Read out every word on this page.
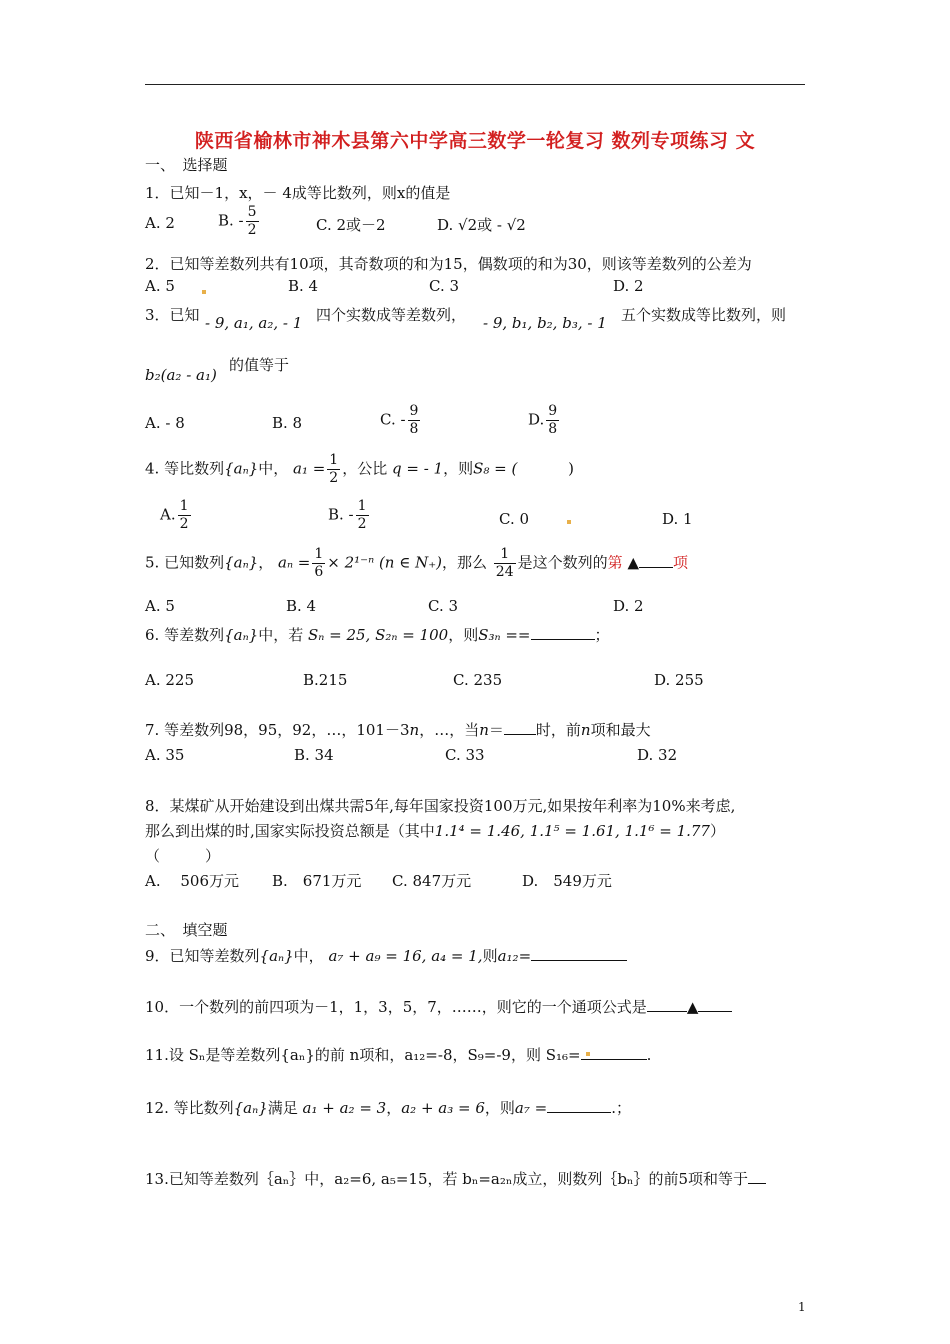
陕西省榆林市神木县第六中学高三数学一轮复习 数列专项练习 文
一、　选择题
1．已知－1，x，－ 4成等比数列，则x的值是
A. 2	B. - $\frac{5}{2}$	C. 2或－2	D. √2或 - √2
2．已知等差数列共有10项，其奇数项的和为15，偶数项的和为30，则该等差数列的公差为
A. 5	B. 4	C. 3	D. 2
3．已知 - 9, a₁, a₂, - 1 四个实数成等差数列， - 9, b₁, b₂, b₃, - 1 五个实数成等比数列，则
b₂(a₂ - a₁)
的值等于
A. - 8	B. 8	C. - $\frac{9}{8}$	D. $\frac{9}{8}$
4. 等比数列{aₙ}中， $a_1 = \frac{1}{2}$ ，公比 q = - 1，则S₈ = (	)
A. $\frac{1}{2}$	B. - $\frac{1}{2}$	C. 0	D. 1
5. 已知数列{aₙ}， $a_n = \frac{1}{6} \times 2^{1-n}$ (n ∈ N₊)，那么 $\frac{1}{24}$ 是这个数列的第 ▲ 项
A. 5	B. 4	C. 3	D. 2
6. 等差数列{aₙ}中，若 Sₙ = 25, S₂ₙ = 100，则S₃ₙ ==	；
A. 225	B.215	C. 235	D. 255
7. 等差数列98，95，92，…，101－3n，…，当n＝ 时，前n项和最大
A. 35	B. 34	C. 33	D. 32
8．某煤矿从开始建设到出煤共需5年,每年国家投资100万元,如果按年利率为10%来考虑,
那么到出煤的时,国家实际投资总额是（其中1.1⁴ = 1.46, 1.1⁵ = 1.61, 1.1⁶ = 1.77）
（　　　）
A.　 506万元 B.　671万元 C. 847万元	D.　549万元
二、　填空题
9．已知等差数列{aₙ}中， a₇ + a₉ = 16, a₄ = 1,则a₁₂=
10．一个数列的前四项为－1，1，3，5，7，……，则它的一个通项公式是	▲
11.设 Sₙ是等差数列{aₙ}的前 n项和，a₁₂=-8，S₉=-9，则 S₁₆=	.
12. 等比数列{aₙ}满足 a₁ + a₂ = 3，a₂ + a₃ = 6，则a₇ =	.；
13.已知等差数列｛aₙ｝中，a₂=6, a₅=15，若 bₙ=a₂ₙ成立，则数列｛bₙ｝的前5项和等于
1
